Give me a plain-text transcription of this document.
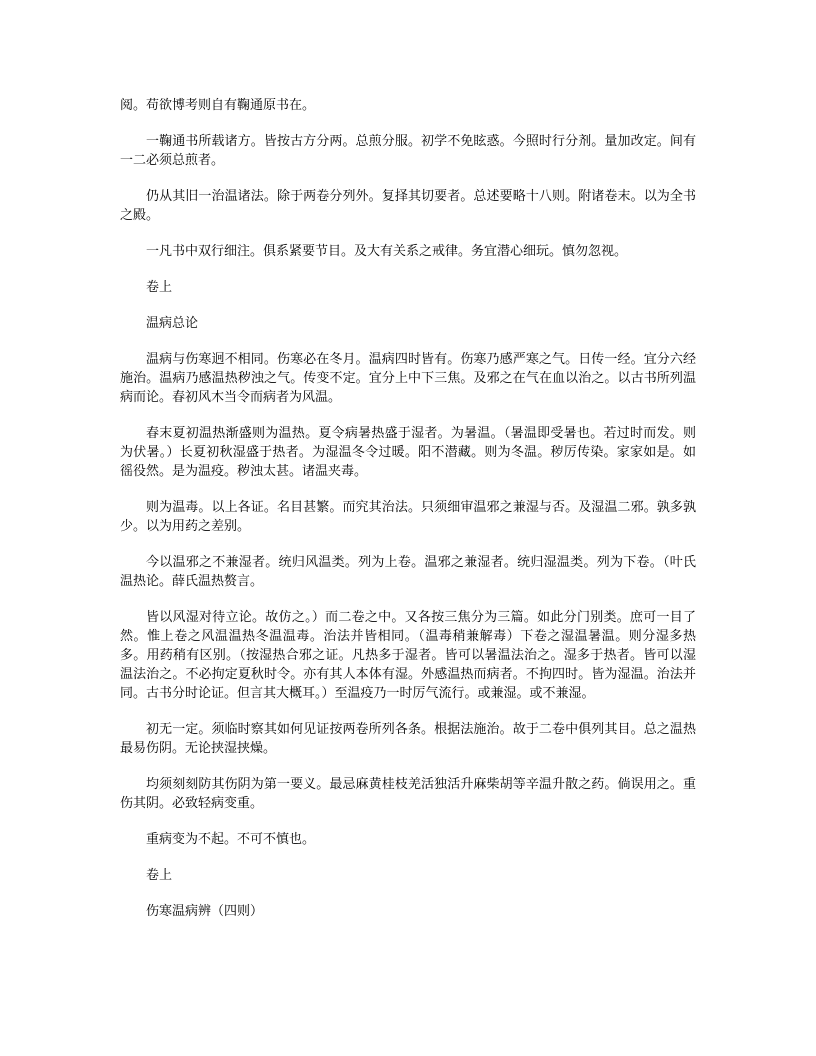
阅。苟欲博考则自有鞠通原书在。

一鞠通书所载诸方。皆按古方分两。总煎分服。初学不免眩惑。今照时行分剂。量加改定。间有一二必须总煎者。

仍从其旧一治温诸法。除于两卷分列外。复择其切要者。总述要略十八则。附诸卷末。以为全书之殿。

一凡书中双行细注。俱系紧要节目。及大有关系之戒律。务宜潜心细玩。慎勿忽视。

卷上

温病总论

温病与伤寒迥不相同。伤寒必在冬月。温病四时皆有。伤寒乃感严寒之气。日传一经。宜分六经施治。温病乃感温热秽浊之气。传变不定。宜分上中下三焦。及邪之在气在血以治之。以古书所列温病而论。春初风木当令而病者为风温。

春末夏初温热渐盛则为温热。夏令病暑热盛于湿者。为暑温。（暑温即受暑也。若过时而发。则为伏暑。）长夏初秋湿盛于热者。为湿温冬令过暖。阳不潜藏。则为冬温。秽厉传染。家家如是。如徭役然。是为温疫。秽浊太甚。诸温夹毒。

则为温毒。以上各证。名目甚繁。而究其治法。只须细审温邪之兼湿与否。及湿温二邪。孰多孰少。以为用药之差别。

今以温邪之不兼湿者。统归风温类。列为上卷。温邪之兼湿者。统归湿温类。列为下卷。（叶氏温热论。薛氏温热赘言。

皆以风湿对待立论。故仿之。）而二卷之中。又各按三焦分为三篇。如此分门别类。庶可一目了然。惟上卷之风温温热冬温温毒。治法并皆相同。（温毒稍兼解毒）下卷之湿温暑温。则分湿多热多。用药稍有区别。（按湿热合邪之证。凡热多于湿者。皆可以暑温法治之。湿多于热者。皆可以湿温法治之。不必拘定夏秋时令。亦有其人本体有湿。外感温热而病者。不拘四时。皆为湿温。治法并同。古书分时论证。但言其大概耳。）至温疫乃一时厉气流行。或兼湿。或不兼湿。

初无一定。须临时察其如何见证按两卷所列各条。根据法施治。故于二卷中俱列其目。总之温热最易伤阴。无论挟湿挟燥。

均须刻刻防其伤阴为第一要义。最忌麻黄桂枝羌活独活升麻柴胡等辛温升散之药。倘误用之。重伤其阴。必致轻病变重。

重病变为不起。不可不慎也。

卷上

伤寒温病辨（四则）
